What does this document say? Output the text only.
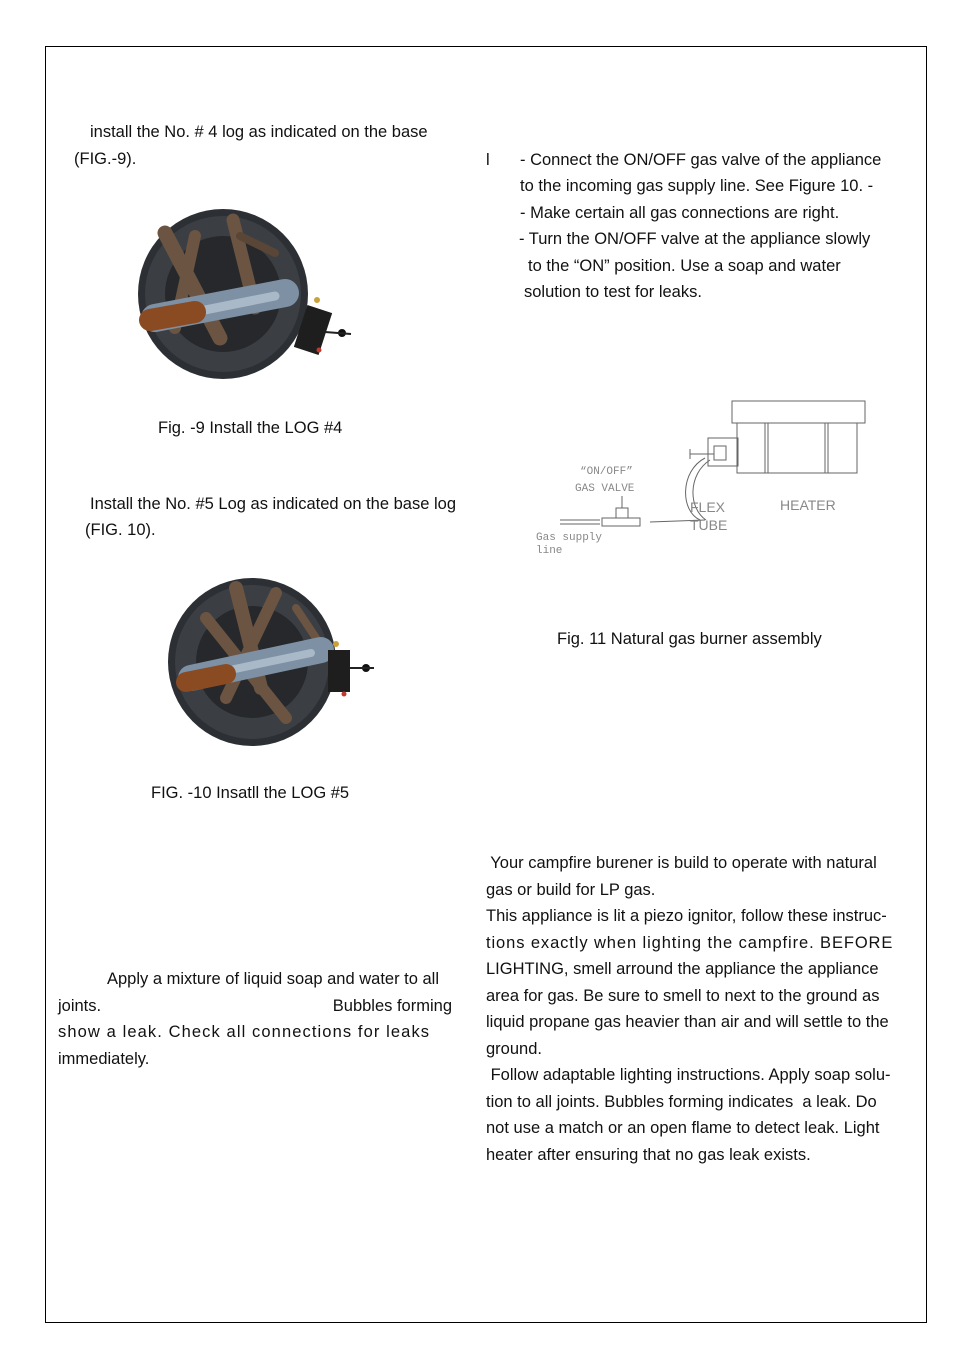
install the No. # 4 log as indicated on the base
(FIG.-9).
Fig. -9 Install the LOG #4
Install the No. #5 Log as indicated on the base log
(FIG. 10).
FIG. -10 Insatll the LOG #5
Apply a mixture of liquid soap and water to all
joints.	Bubbles forming
show a leak. Check all connections for leaks
immediately.
l - Connect the ON/OFF gas valve of the appliance
to the incoming gas supply line. See Figure 10. -
- Make certain all gas connections are right.
- Turn the ON/OFF valve at the appliance slowly
to the “ON” position. Use a soap and water
solution to test for leaks.
“ON/OFF”
GAS VALVE
Gas supply
line
FLEX
TUBE
HEATER
Fig. 11 Natural gas burner assembly
Your campfire burener is build to operate with natural
gas or build for LP gas.
This appliance is lit a piezo ignitor, follow these instruc-
tions exactly when lighting the campfire. BEFORE
LIGHTING, smell arround the appliance the appliance
area for gas. Be sure to smell to next to the ground as
liquid propane gas heavier than air and will settle to the
ground.
Follow adaptable lighting instructions. Apply soap solu-
tion to all joints. Bubbles forming indicates  a leak. Do
not use a match or an open flame to detect leak. Light
heater after ensuring that no gas leak exists.
